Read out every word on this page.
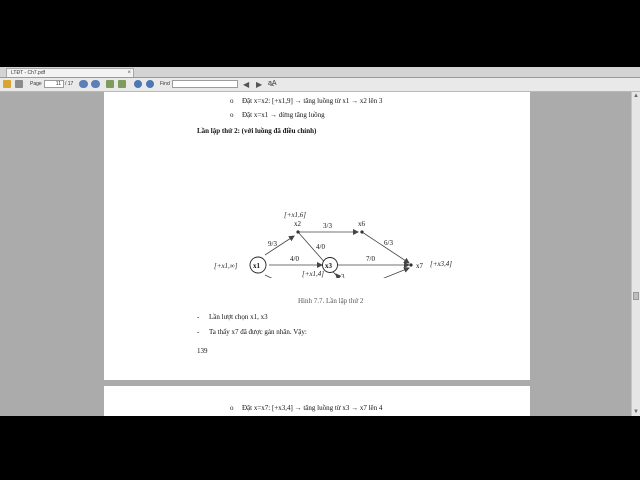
LTĐT - Ch7.pdf	×
Page	11 / 17	Find	◀ ▶ a͢A
o Đặt x=x2: [+x1,9] → tăng luồng từ x1 → x2 lên 3
o Đặt x=x1 → dừng tăng luồng
Lần lặp thứ 2: (với luồng đã điều chỉnh)
x1	x3
x2	x6
x7
[+x1,∞]
[+x1,6]
[+x1,4]
[+x3,4]
9/3
4/0
3/3
4/0
7/0
3
6/3
Hình 7.7. Lần lặp thứ 2
- Lần lượt chọn x1, x3
- Ta thấy x7 đã được gán nhãn. Vậy:
139
o Đặt x=x7: [+x3,4] → tăng luồng từ x3 → x7 lên 4
▲
▼
